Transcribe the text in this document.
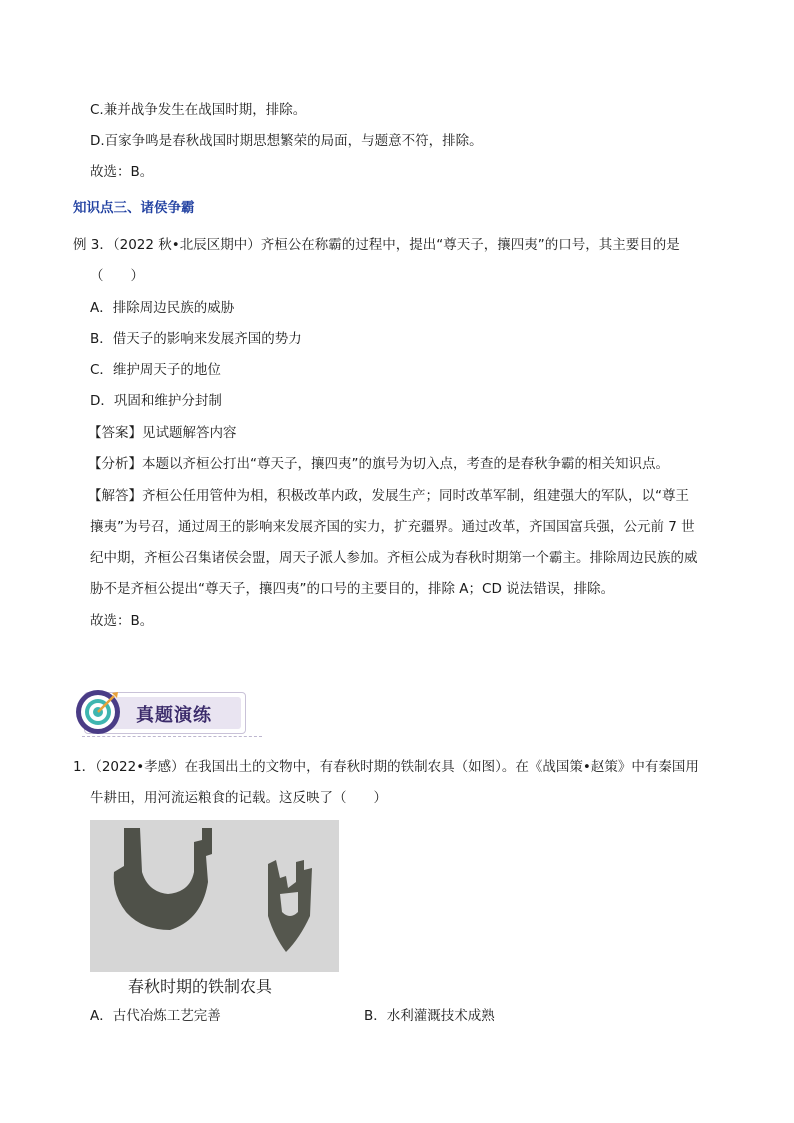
C.兼并战争发生在战国时期，排除。
D.百家争鸣是春秋战国时期思想繁荣的局面，与题意不符，排除。
故选：B。
知识点三、诸侯争霸
例 3．（2022 秋•北辰区期中）齐桓公在称霸的过程中，提出“尊天子，攘四夷”的口号，其主要目的是
（　　）
A．排除周边民族的威胁
B．借天子的影响来发展齐国的势力
C．维护周天子的地位
D．巩固和维护分封制
【答案】见试题解答内容
【分析】本题以齐桓公打出“尊天子，攘四夷”的旗号为切入点，考查的是春秋争霸的相关知识点。
【解答】齐桓公任用管仲为相，积极改革内政，发展生产；同时改革军制，组建强大的军队，以“尊王
攘夷”为号召，通过周王的影响来发展齐国的实力，扩充疆界。通过改革，齐国国富兵强，公元前 7 世
纪中期，齐桓公召集诸侯会盟，周天子派人参加。齐桓公成为春秋时期第一个霸主。排除周边民族的威
胁不是齐桓公提出“尊天子，攘四夷”的口号的主要目的，排除 A；CD 说法错误，排除。
故选：B。
真题演练
1．（2022•孝感）在我国出土的文物中，有春秋时期的铁制农具（如图）。在《战国策•赵策》中有秦国用
牛耕田，用河流运粮食的记载。这反映了（　　）
春秋时期的铁制农具
A．古代冶炼工艺完善	B．水利灌溉技术成熟
